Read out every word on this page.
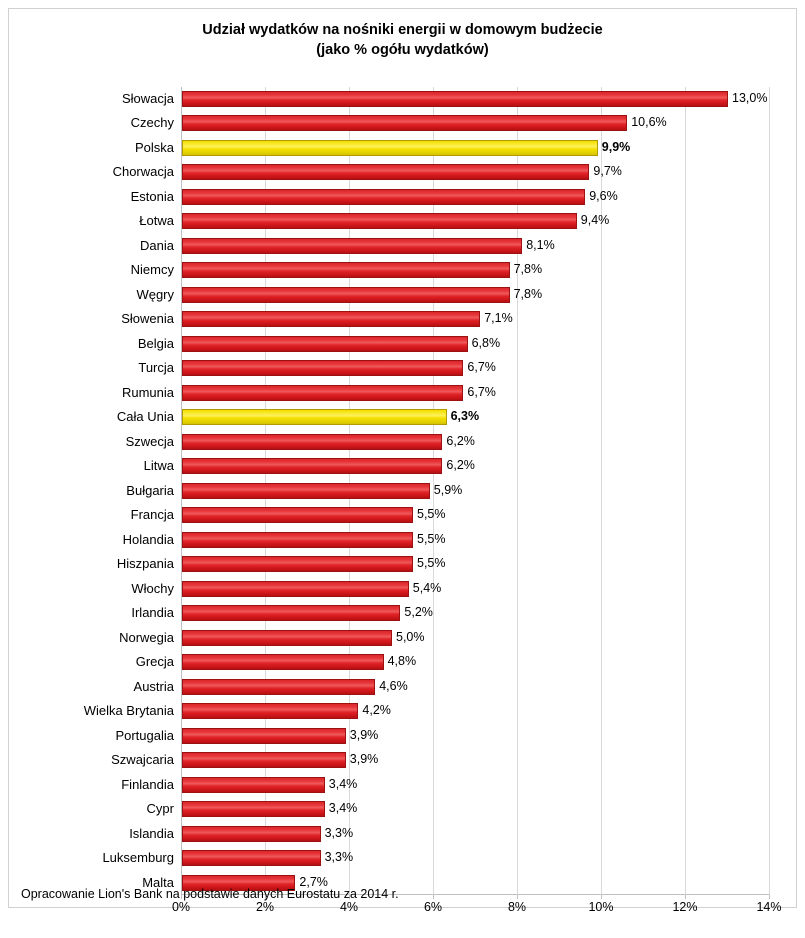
Udział wydatków na nośniki energii w domowym budżecie
(jako % ogółu wydatków)
Słowacja	13,0%
Czechy	10,6%
Polska	9,9%
Chorwacja	9,7%
Estonia	9,6%
Łotwa	9,4%
Dania	8,1%
Niemcy	7,8%
Węgry	7,8%
Słowenia	7,1%
Belgia	6,8%
Turcja	6,7%
Rumunia	6,7%
Cała Unia	6,3%
Szwecja	6,2%
Litwa	6,2%
Bułgaria	5,9%
Francja	5,5%
Holandia	5,5%
Hiszpania	5,5%
Włochy	5,4%
Irlandia	5,2%
Norwegia	5,0%
Grecja	4,8%
Austria	4,6%
Wielka Brytania	4,2%
Portugalia	3,9%
Szwajcaria	3,9%
Finlandia	3,4%
Cypr	3,4%
Islandia	3,3%
Luksemburg	3,3%
Malta	2,7%
0%	2%	4%	6%	8%	10%	12%	14%
Opracowanie Lion's Bank na podstawie danych Eurostatu za 2014 r.
